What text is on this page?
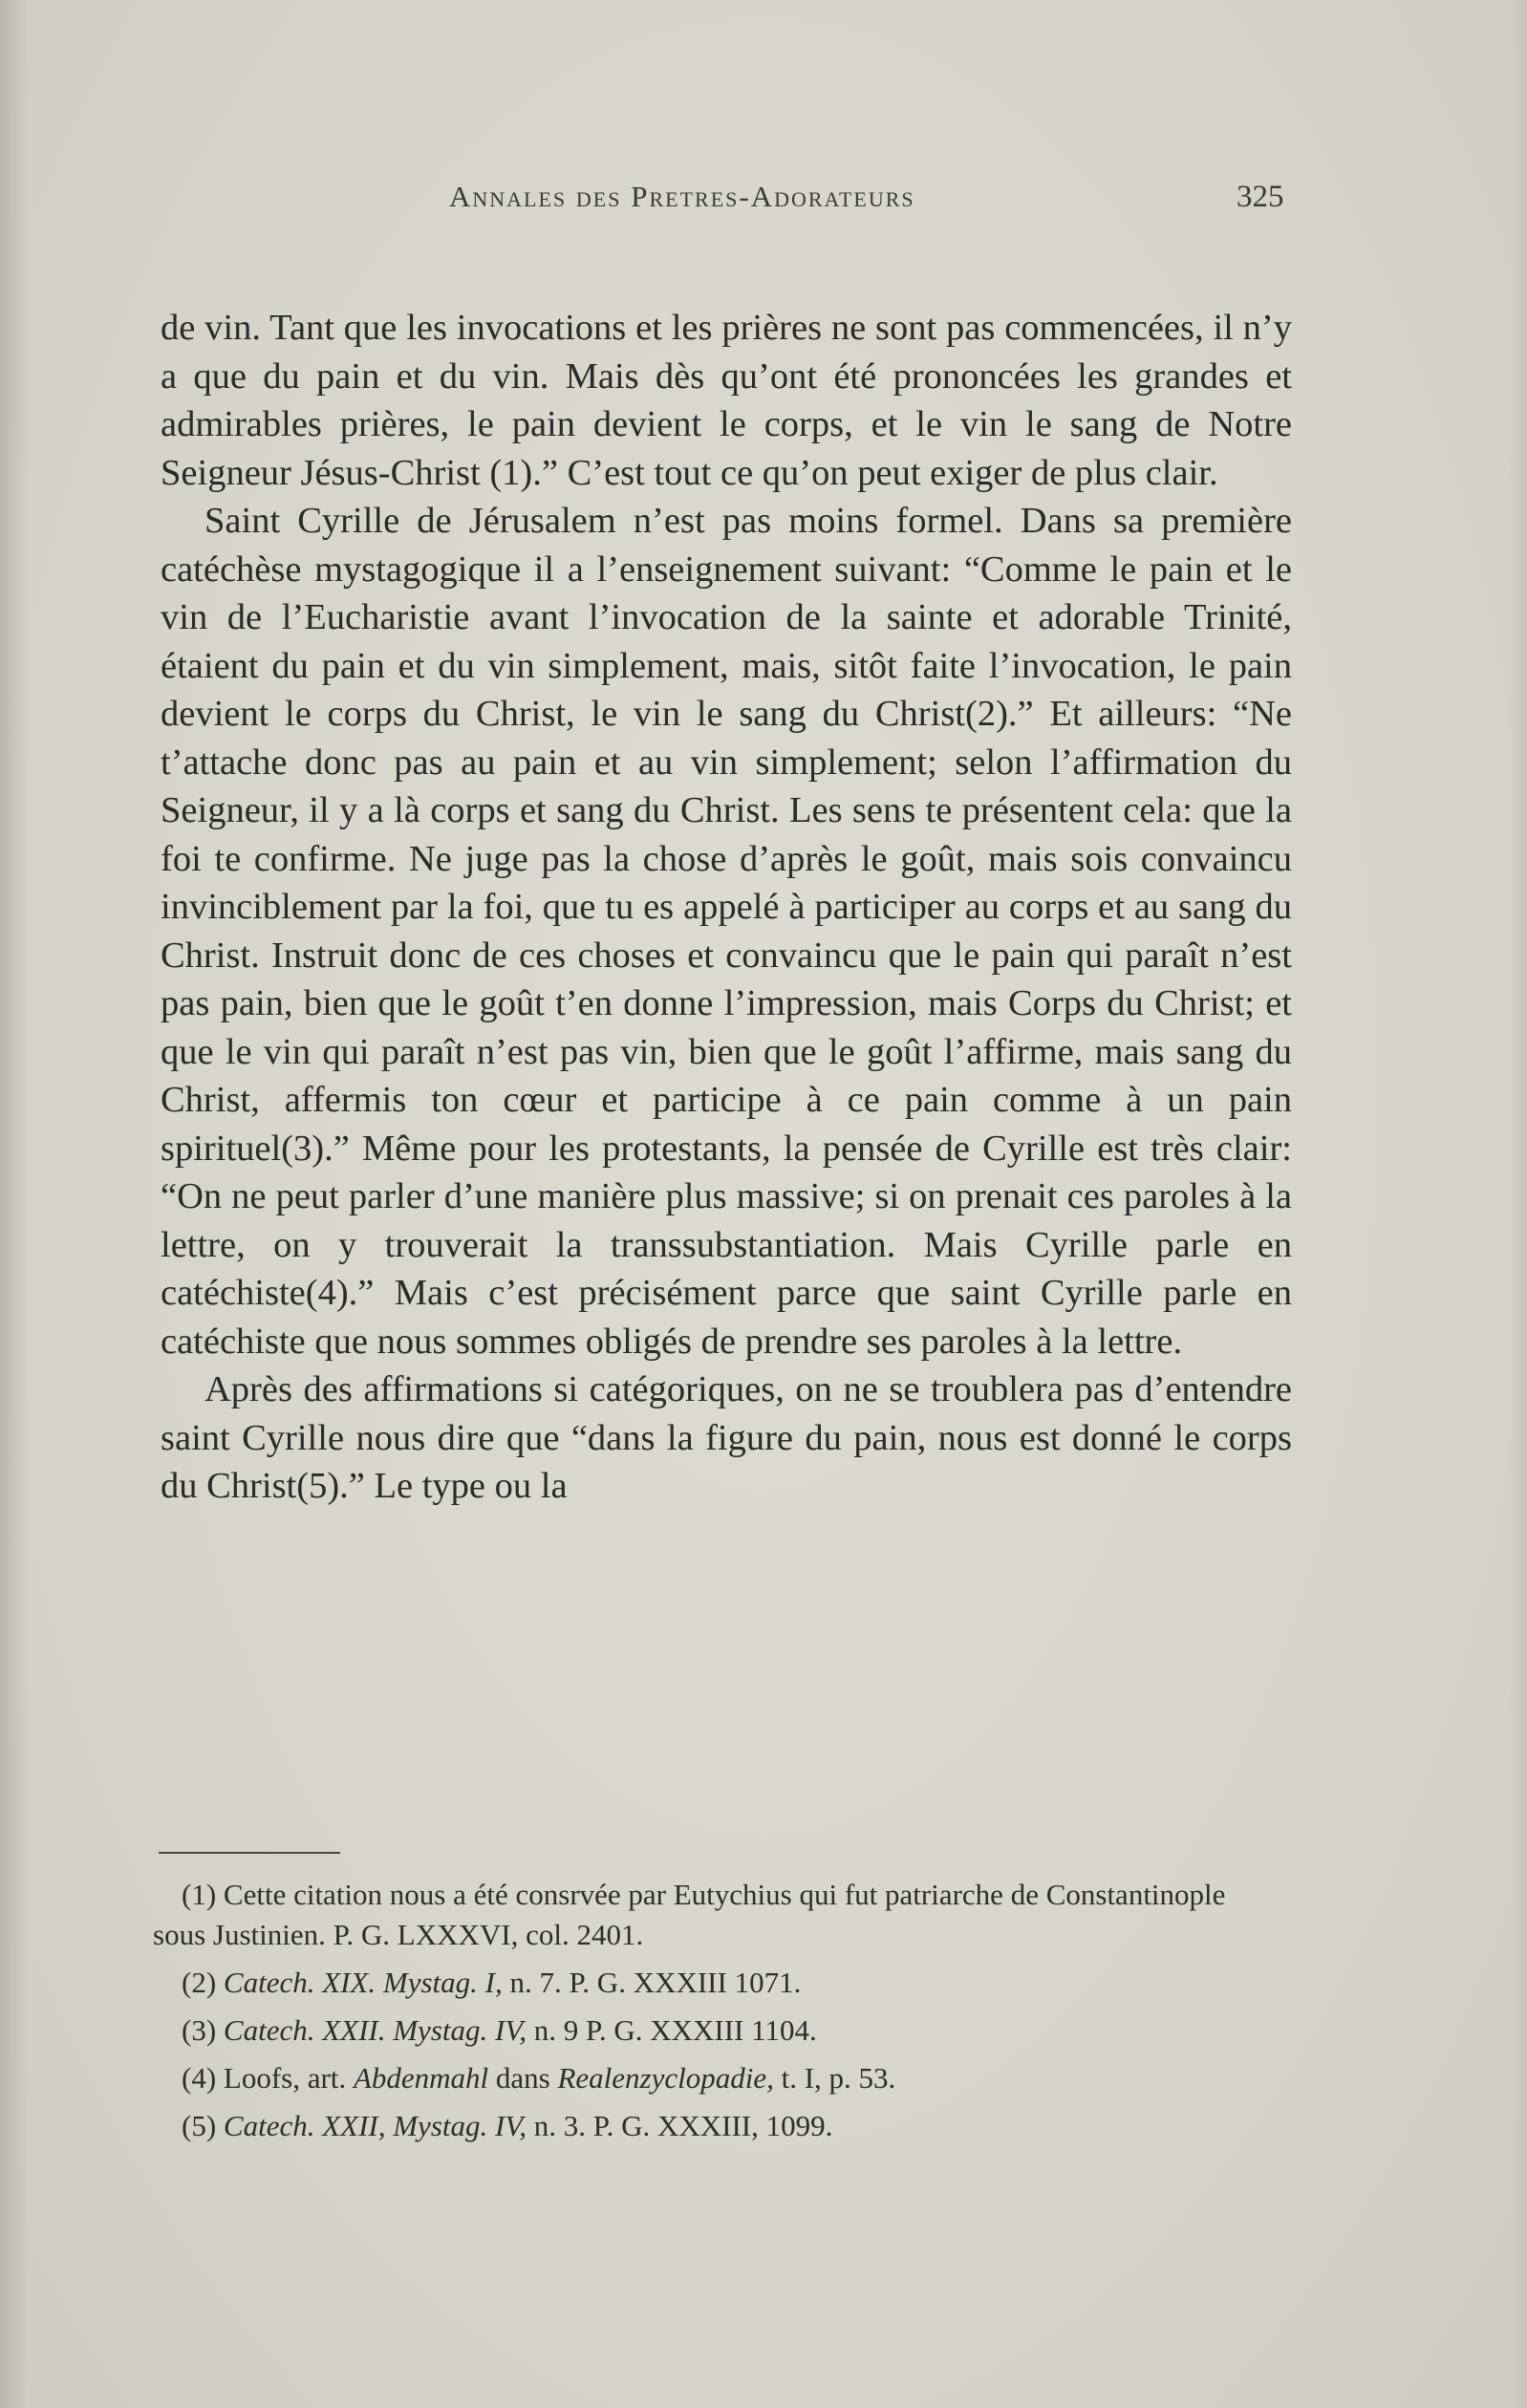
Annales des Pretres-Adorateurs	325

de vin. Tant que les invocations et les prières ne sont pas commencées, il n’y a que du pain et du vin. Mais dès qu’ont été prononcées les grandes et admirables prières, le pain devient le corps, et le vin le sang de Notre Seigneur Jésus-Christ (1).” C’est tout ce qu’on peut exiger de plus clair.

Saint Cyrille de Jérusalem n’est pas moins formel. Dans sa première catéchèse mystagogique il a l’enseignement suivant: “Comme le pain et le vin de l’Eucharistie avant l’invocation de la sainte et adorable Trinité, étaient du pain et du vin simplement, mais, sitôt faite l’invocation, le pain devient le corps du Christ, le vin le sang du Christ(2).” Et ailleurs: “Ne t’attache donc pas au pain et au vin simplement; selon l’affirmation du Seigneur, il y a là corps et sang du Christ. Les sens te présentent cela: que la foi te confirme. Ne juge pas la chose d’après le goût, mais sois convaincu invinciblement par la foi, que tu es appelé à participer au corps et au sang du Christ. Instruit donc de ces choses et convaincu que le pain qui paraît n’est pas pain, bien que le goût t’en donne l’impression, mais Corps du Christ; et que le vin qui paraît n’est pas vin, bien que le goût l’affirme, mais sang du Christ, affermis ton cœur et participe à ce pain comme à un pain spirituel(3).” Même pour les protestants, la pensée de Cyrille est très clair: “On ne peut parler d’une manière plus massive; si on prenait ces paroles à la lettre, on y trouverait la transsubstantiation. Mais Cyrille parle en catéchiste(4).” Mais c’est précisément parce que saint Cyrille parle en catéchiste que nous sommes obligés de prendre ses paroles à la lettre.

Après des affirmations si catégoriques, on ne se troublera pas d’entendre saint Cyrille nous dire que “dans la figure du pain, nous est donné le corps du Christ(5).” Le type ou la

(1) Cette citation nous a été consrvée par Eutychius qui fut patriarche de Constantinople sous Justinien. P. G. LXXXVI, col. 2401.

(2) Catech. XIX. Mystag. I, n. 7. P. G. XXXIII 1071.

(3) Catech. XXII. Mystag. IV, n. 9 P. G. XXXIII 1104.

(4) Loofs, art. Abdenmahl dans Realenzyclopadie, t. I, p. 53.

(5) Catech. XXII, Mystag. IV, n. 3. P. G. XXXIII, 1099.
